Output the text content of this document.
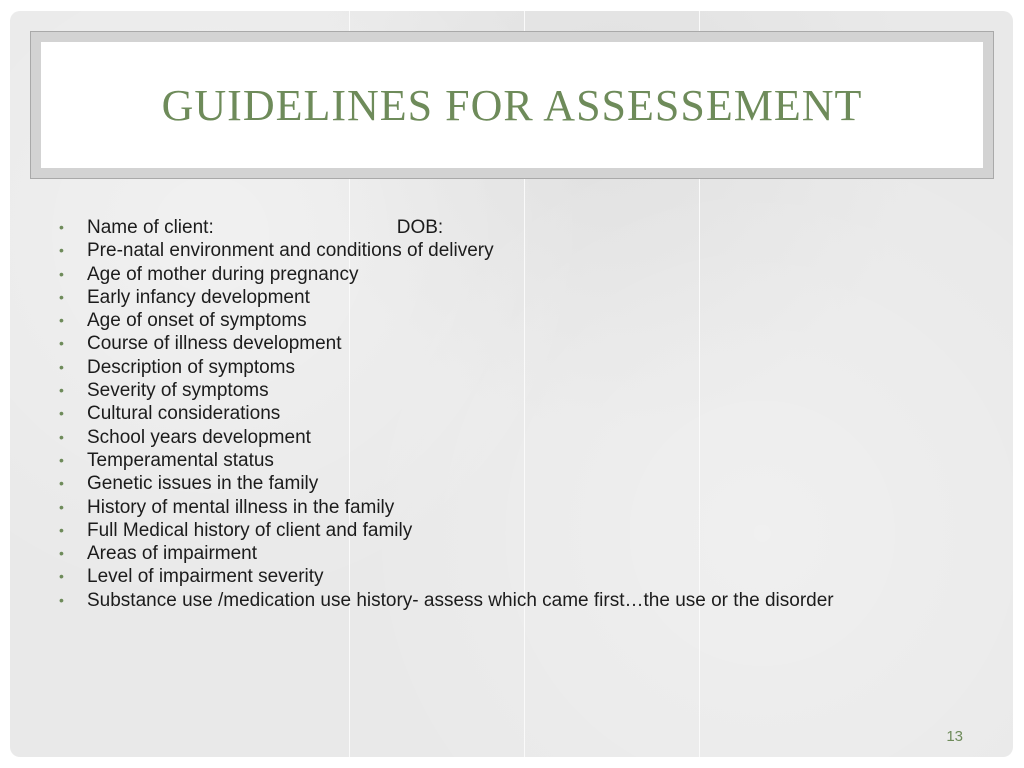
GUIDELINES FOR ASSESSEMENT
• Name of client:	DOB:
• Pre-natal environment and conditions of delivery
• Age of mother during pregnancy
• Early infancy development
• Age of onset of symptoms
• Course of illness development
• Description of symptoms
• Severity of symptoms
• Cultural considerations
• School years development
• Temperamental status
• Genetic issues in the family
• History of mental illness in the family
• Full Medical history of client and family
• Areas of impairment
• Level of impairment severity
• Substance use /medication use history- assess which came first…the use or the disorder
13
